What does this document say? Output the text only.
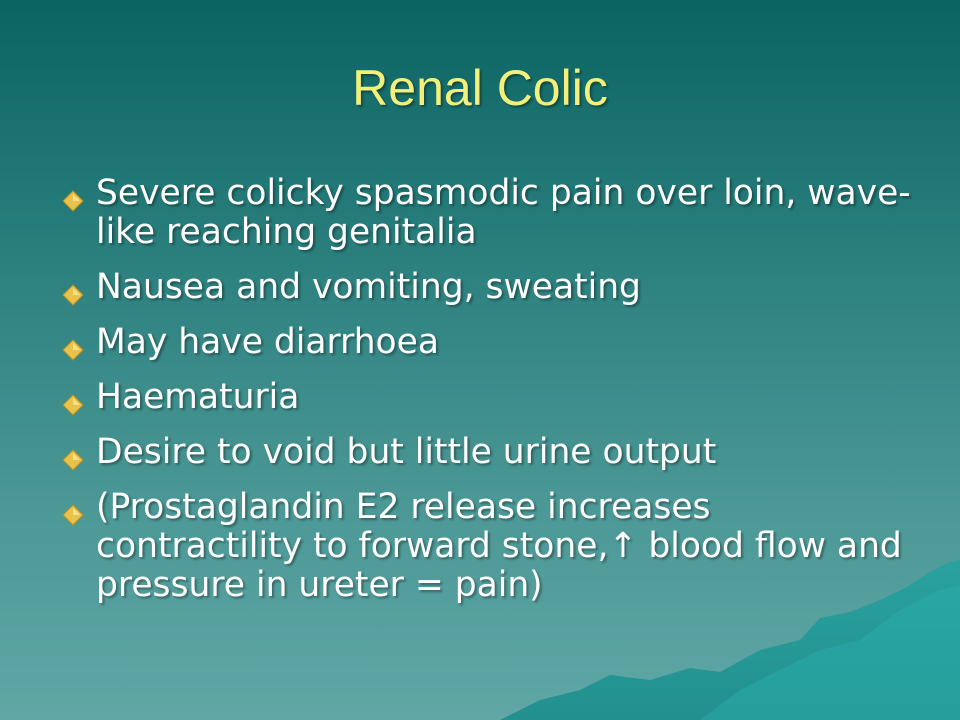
Renal Colic
Severe colicky spasmodic pain over loin, wave-like reaching genitalia
Nausea and vomiting, sweating
May have diarrhoea
Haematuria
Desire to void but little urine output
(Prostaglandin E2 release increases contractility to forward stone,↑ blood flow and pressure in ureter = pain)
